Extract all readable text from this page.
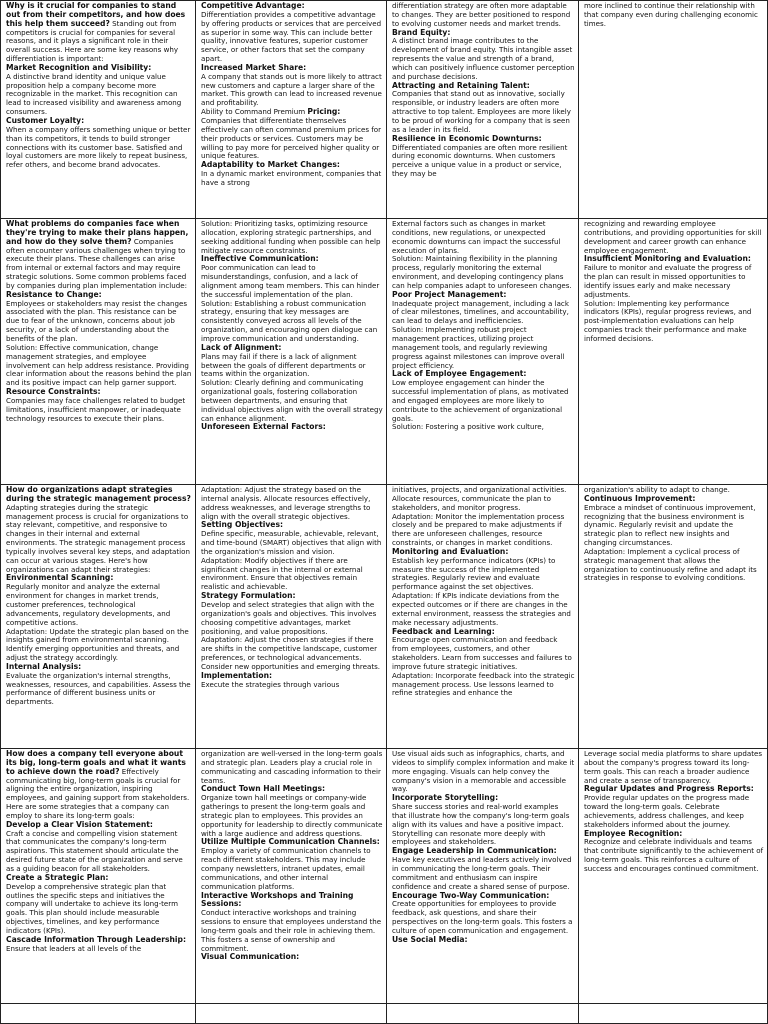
Why is it crucial for companies to stand out from their competitors, and how does this help them succeed? Standing out from competitors is crucial for companies for several reasons, and it plays a significant role in their overall success. Here are some key reasons why differentiation is important:
Market Recognition and Visibility:
A distinctive brand identity and unique value proposition help a company become more recognizable in the market. This recognition can lead to increased visibility and awareness among consumers.
Customer Loyalty:
When a company offers something unique or better than its competitors, it tends to build stronger connections with its customer base. Satisfied and loyal customers are more likely to repeat business, refer others, and become brand advocates.
Competitive Advantage:
Differentiation provides a competitive advantage by offering products or services that are perceived as superior in some way. This can include better quality, innovative features, superior customer service, or other factors that set the company apart.
Increased Market Share:
A company that stands out is more likely to attract new customers and capture a larger share of the market. This growth can lead to increased revenue and profitability.
Ability to Command Premium Pricing:
Companies that differentiate themselves effectively can often command premium prices for their products or services. Customers may be willing to pay more for perceived higher quality or unique features.
Adaptability to Market Changes:
In a dynamic market environment, companies that have a strong
differentiation strategy are often more adaptable to changes. They are better positioned to respond to evolving customer needs and market trends.
Brand Equity:
A distinct brand image contributes to the development of brand equity. This intangible asset represents the value and strength of a brand, which can positively influence customer perception and purchase decisions.
Attracting and Retaining Talent:
Companies that stand out as innovative, socially responsible, or industry leaders are often more attractive to top talent. Employees are more likely to be proud of working for a company that is seen as a leader in its field.
Resilience in Economic Downturns:
Differentiated companies are often more resilient during economic downturns. When customers perceive a unique value in a product or service, they may be
more inclined to continue their relationship with that company even during challenging economic times.
What problems do companies face when they're trying to make their plans happen, and how do they solve them? Companies often encounter various challenges when trying to execute their plans. These challenges can arise from internal or external factors and may require strategic solutions. Some common problems faced by companies during plan implementation include:
Resistance to Change:
Employees or stakeholders may resist the changes associated with the plan. This resistance can be due to fear of the unknown, concerns about job security, or a lack of understanding about the benefits of the plan.
Solution: Effective communication, change management strategies, and employee involvement can help address resistance. Providing clear information about the reasons behind the plan and its positive impact can help garner support.
Resource Constraints:
Companies may face challenges related to budget limitations, insufficient manpower, or inadequate technology resources to execute their plans.
Solution: Prioritizing tasks, optimizing resource allocation, exploring strategic partnerships, and seeking additional funding when possible can help mitigate resource constraints.
Ineffective Communication:
Poor communication can lead to misunderstandings, confusion, and a lack of alignment among team members. This can hinder the successful implementation of the plan.
Solution: Establishing a robust communication strategy, ensuring that key messages are consistently conveyed across all levels of the organization, and encouraging open dialogue can improve communication and understanding.
Lack of Alignment:
Plans may fail if there is a lack of alignment between the goals of different departments or teams within the organization.
Solution: Clearly defining and communicating organizational goals, fostering collaboration between departments, and ensuring that individual objectives align with the overall strategy can enhance alignment.
Unforeseen External Factors:
External factors such as changes in market conditions, new regulations, or unexpected economic downturns can impact the successful execution of plans.
Solution: Maintaining flexibility in the planning process, regularly monitoring the external environment, and developing contingency plans can help companies adapt to unforeseen changes.
Poor Project Management:
Inadequate project management, including a lack of clear milestones, timelines, and accountability, can lead to delays and inefficiencies.
Solution: Implementing robust project management practices, utilizing project management tools, and regularly reviewing progress against milestones can improve overall project efficiency.
Lack of Employee Engagement:
Low employee engagement can hinder the successful implementation of plans, as motivated and engaged employees are more likely to contribute to the achievement of organizational goals.
Solution: Fostering a positive work culture,
recognizing and rewarding employee contributions, and providing opportunities for skill development and career growth can enhance employee engagement.
Insufficient Monitoring and Evaluation:
Failure to monitor and evaluate the progress of the plan can result in missed opportunities to identify issues early and make necessary adjustments.
Solution: Implementing key performance indicators (KPIs), regular progress reviews, and post-implementation evaluations can help companies track their performance and make informed decisions.
How do organizations adapt strategies during the strategic management process? Adapting strategies during the strategic management process is crucial for organizations to stay relevant, competitive, and responsive to changes in their internal and external environments. The strategic management process typically involves several key steps, and adaptation can occur at various stages. Here's how organizations can adapt their strategies:
Environmental Scanning:
Regularly monitor and analyze the external environment for changes in market trends, customer preferences, technological advancements, regulatory developments, and competitive actions.
Adaptation: Update the strategic plan based on the insights gained from environmental scanning. Identify emerging opportunities and threats, and adjust the strategy accordingly.
Internal Analysis:
Evaluate the organization's internal strengths, weaknesses, resources, and capabilities. Assess the performance of different business units or departments.
Adaptation: Adjust the strategy based on the internal analysis. Allocate resources effectively, address weaknesses, and leverage strengths to align with the overall strategic objectives.
Setting Objectives:
Define specific, measurable, achievable, relevant, and time-bound (SMART) objectives that align with the organization's mission and vision.
Adaptation: Modify objectives if there are significant changes in the internal or external environment. Ensure that objectives remain realistic and achievable.
Strategy Formulation:
Develop and select strategies that align with the organization's goals and objectives. This involves choosing competitive advantages, market positioning, and value propositions.
Adaptation: Adjust the chosen strategies if there are shifts in the competitive landscape, customer preferences, or technological advancements. Consider new opportunities and emerging threats.
Implementation:
Execute the strategies through various
initiatives, projects, and organizational activities. Allocate resources, communicate the plan to stakeholders, and monitor progress.
Adaptation: Monitor the implementation process closely and be prepared to make adjustments if there are unforeseen challenges, resource constraints, or changes in market conditions.
Monitoring and Evaluation:
Establish key performance indicators (KPIs) to measure the success of the implemented strategies. Regularly review and evaluate performance against the set objectives.
Adaptation: If KPIs indicate deviations from the expected outcomes or if there are changes in the external environment, reassess the strategies and make necessary adjustments.
Feedback and Learning:
Encourage open communication and feedback from employees, customers, and other stakeholders. Learn from successes and failures to improve future strategic initiatives.
Adaptation: Incorporate feedback into the strategic management process. Use lessons learned to refine strategies and enhance the
organization's ability to adapt to change.
Continuous Improvement:
Embrace a mindset of continuous improvement, recognizing that the business environment is dynamic. Regularly revisit and update the strategic plan to reflect new insights and changing circumstances.
Adaptation: Implement a cyclical process of strategic management that allows the organization to continuously refine and adapt its strategies in response to evolving conditions.
How does a company tell everyone about its big, long-term goals and what it wants to achieve down the road? Effectively communicating big, long-term goals is crucial for aligning the entire organization, inspiring employees, and gaining support from stakeholders. Here are some strategies that a company can employ to share its long-term goals:
Develop a Clear Vision Statement:
Craft a concise and compelling vision statement that communicates the company's long-term aspirations. This statement should articulate the desired future state of the organization and serve as a guiding beacon for all stakeholders.
Create a Strategic Plan:
Develop a comprehensive strategic plan that outlines the specific steps and initiatives the company will undertake to achieve its long-term goals. This plan should include measurable objectives, timelines, and key performance indicators (KPIs).
Cascade Information Through Leadership:
Ensure that leaders at all levels of the
organization are well-versed in the long-term goals and strategic plan. Leaders play a crucial role in communicating and cascading information to their teams.
Conduct Town Hall Meetings:
Organize town hall meetings or company-wide gatherings to present the long-term goals and strategic plan to employees. This provides an opportunity for leadership to directly communicate with a large audience and address questions.
Utilize Multiple Communication Channels:
Employ a variety of communication channels to reach different stakeholders. This may include company newsletters, intranet updates, email communications, and other internal communication platforms.
Interactive Workshops and Training Sessions:
Conduct interactive workshops and training sessions to ensure that employees understand the long-term goals and their role in achieving them. This fosters a sense of ownership and commitment.
Visual Communication:
Use visual aids such as infographics, charts, and videos to simplify complex information and make it more engaging. Visuals can help convey the company's vision in a memorable and accessible way.
Incorporate Storytelling:
Share success stories and real-world examples that illustrate how the company's long-term goals align with its values and have a positive impact. Storytelling can resonate more deeply with employees and stakeholders.
Engage Leadership in Communication:
Have key executives and leaders actively involved in communicating the long-term goals. Their commitment and enthusiasm can inspire confidence and create a shared sense of purpose.
Encourage Two-Way Communication:
Create opportunities for employees to provide feedback, ask questions, and share their perspectives on the long-term goals. This fosters a culture of open communication and engagement.
Use Social Media:
Leverage social media platforms to share updates about the company's progress toward its long-term goals. This can reach a broader audience and create a sense of transparency.
Regular Updates and Progress Reports:
Provide regular updates on the progress made toward the long-term goals. Celebrate achievements, address challenges, and keep stakeholders informed about the journey.
Employee Recognition:
Recognize and celebrate individuals and teams that contribute significantly to the achievement of long-term goals. This reinforces a culture of success and encourages continued commitment.
